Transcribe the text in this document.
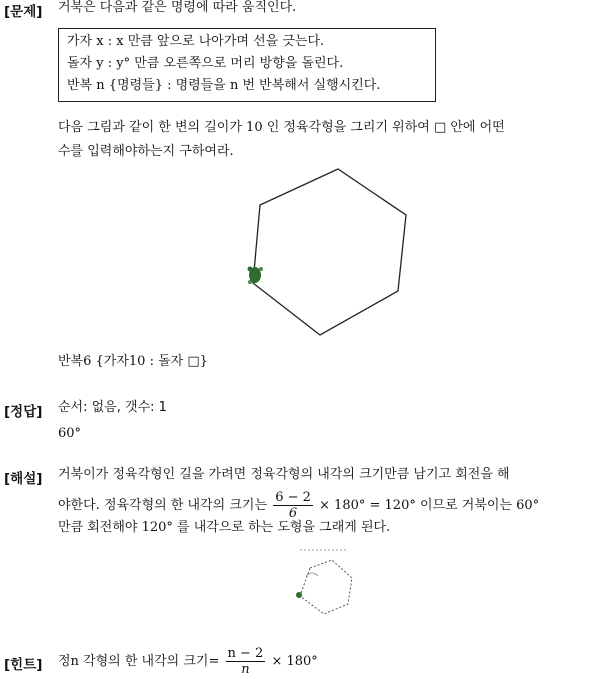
[문제] 거북은 다음과 같은 명령에 따라 움직인다.
가자 x : x 만큼 앞으로 나아가며 선을 긋는다.
돌자 y : y° 만큼 오른쪽으로 머리 방향을 돌린다.
반복 n {명령들} : 명령들을 n 번 반복해서 실행시킨다.
다음 그림과 같이 한 변의 길이가 10 인 정육각형을 그리기 위하여 □ 안에 어떤
수를 입력해야하는지 구하여라.
반복6 {가자10 : 돌자 □}
[정답] 순서: 없음, 갯수: 1
60°
[해설] 거북이가 정육각형인 길을 가려면 정육각형의 내각의 크기만큼 남기고 회전을 해
야한다. 정육각형의 한 내각의 크기는 $\frac{6 - 2}{6} \times 180^\circ = 120^\circ$ 이므로 거북이는 60°
만큼 회전해야 120° 를 내각으로 하는 도형을 그래게 된다.
[힌트] 정n 각형의 한 내각의 크기= $\frac{n - 2}{n} \times 180^\circ$
